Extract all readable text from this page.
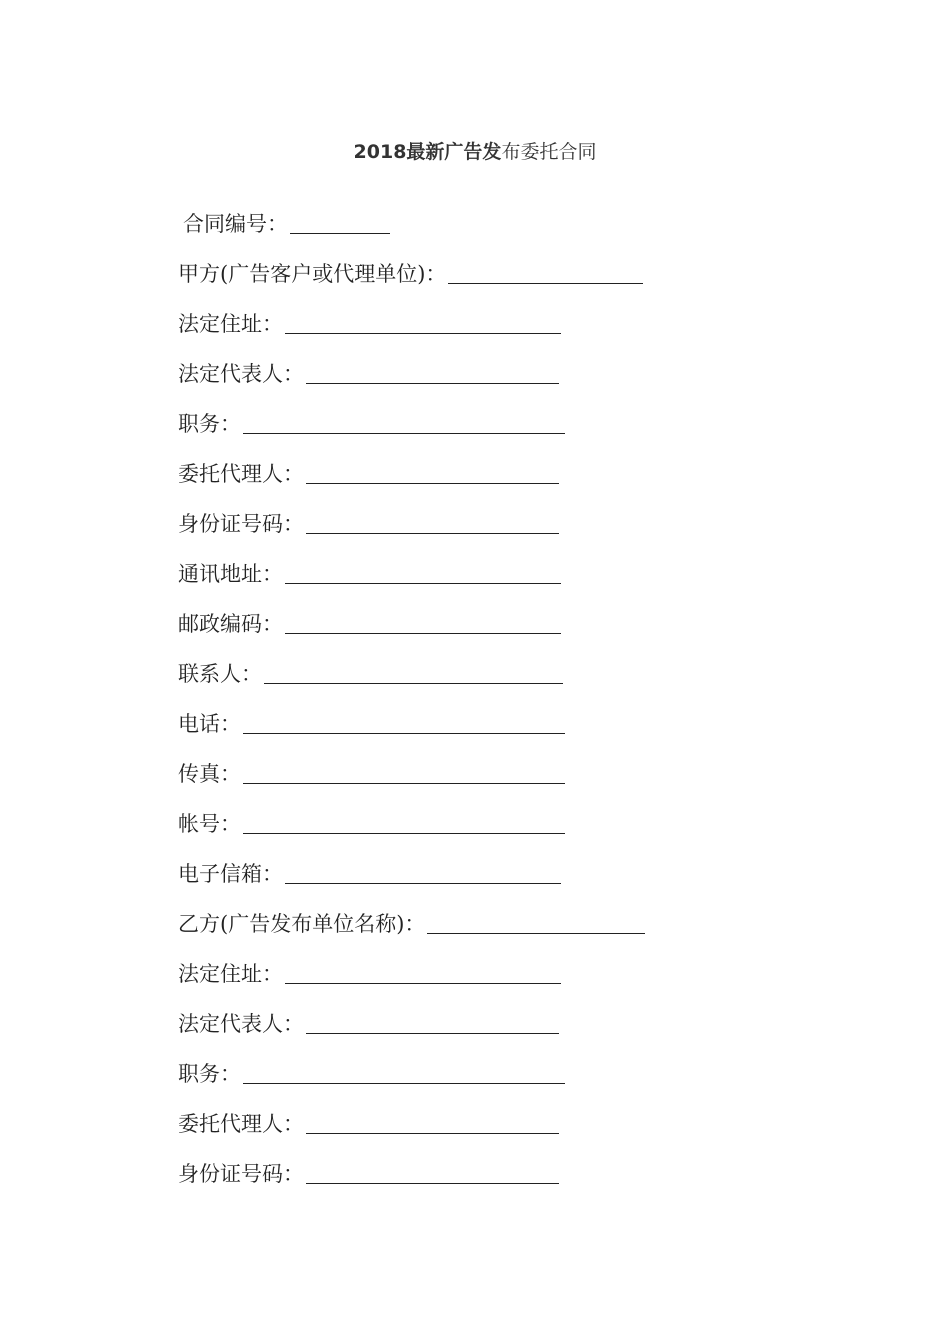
2018最新广告发布委托合同
合同编号：
甲方(广告客户或代理单位)：
法定住址：
法定代表人：
职务：
委托代理人：
身份证号码：
通讯地址：
邮政编码：
联系人：
电话：
传真：
帐号：
电子信箱：
乙方(广告发布单位名称)：
法定住址：
法定代表人：
职务：
委托代理人：
身份证号码：
